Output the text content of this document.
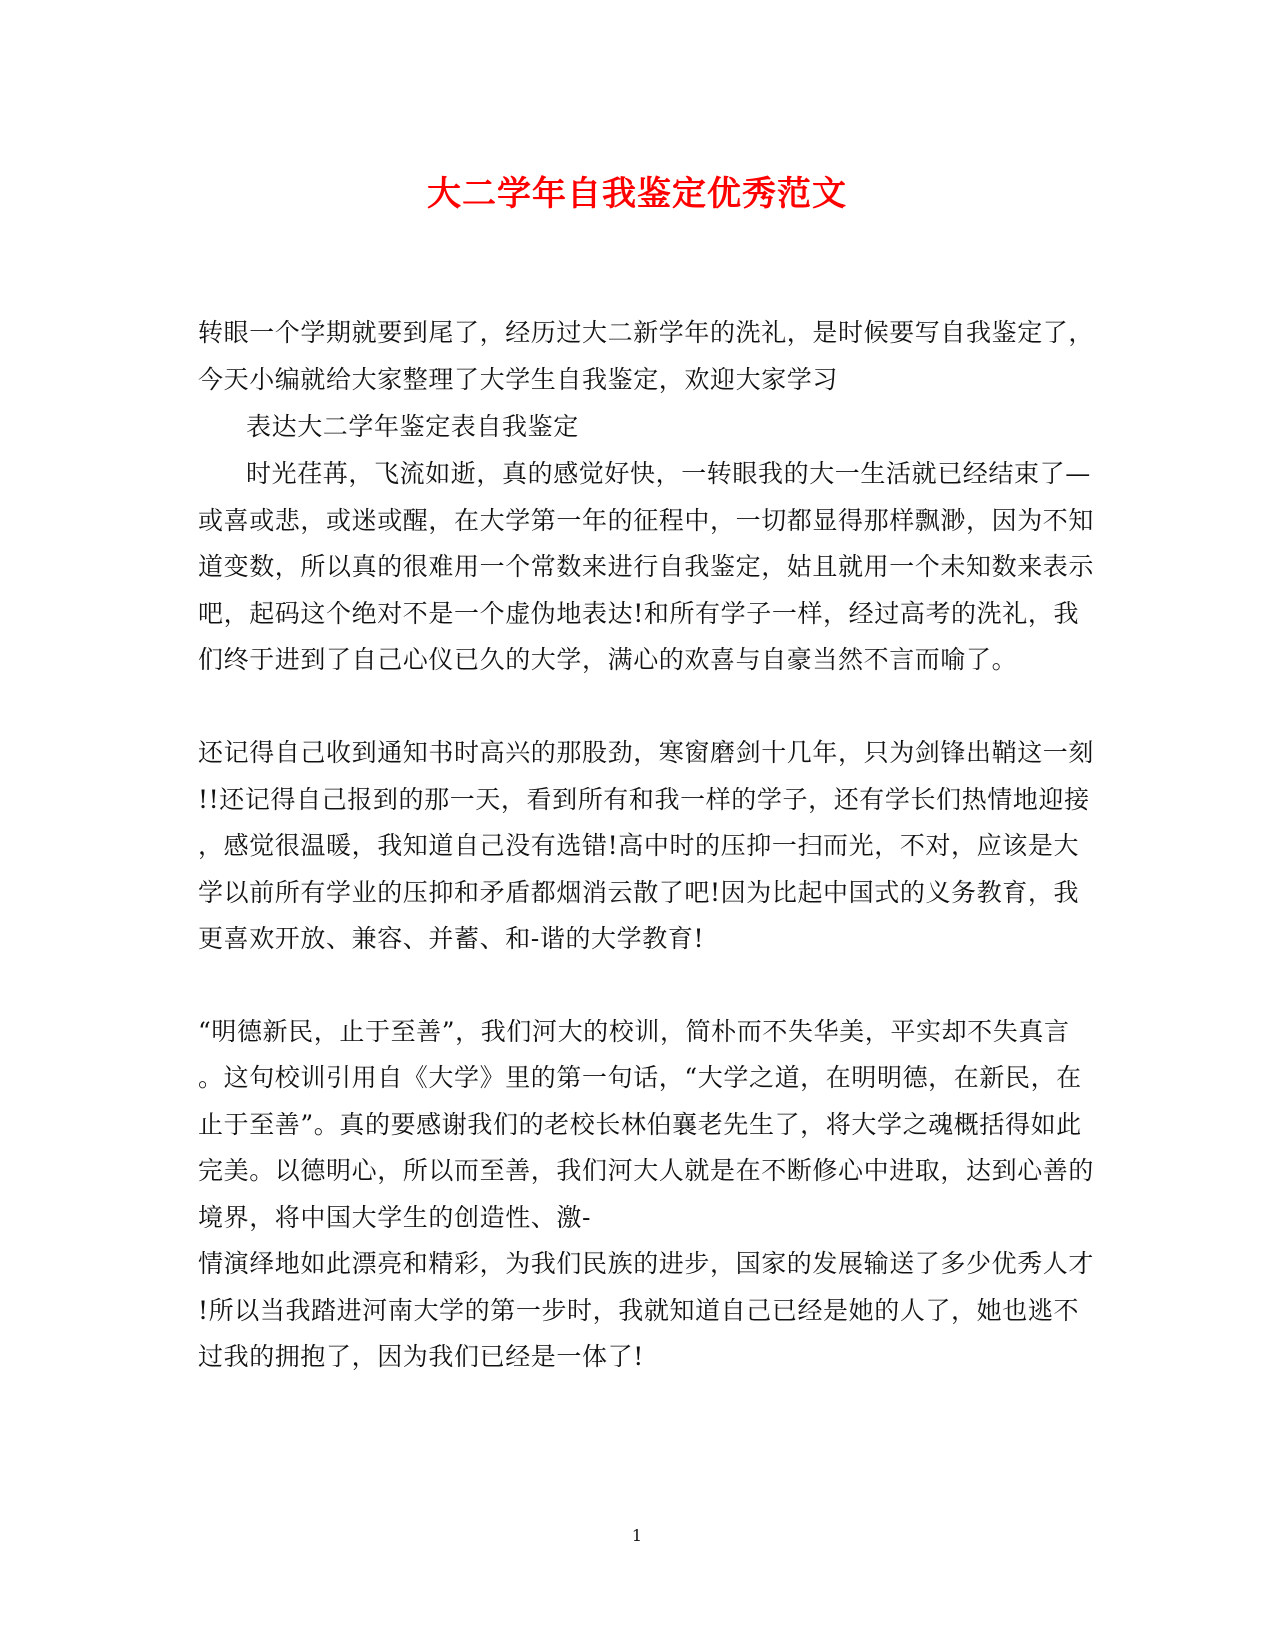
大二学年自我鉴定优秀范文
转眼一个学期就要到尾了，经历过大二新学年的洗礼，是时候要写自我鉴定了，
今天小编就给大家整理了大学生自我鉴定，欢迎大家学习
表达大二学年鉴定表自我鉴定
时光荏苒，飞流如逝，真的感觉好快，一转眼我的大一生活就已经结束了—
或喜或悲，或迷或醒，在大学第一年的征程中，一切都显得那样飘渺，因为不知
道变数，所以真的很难用一个常数来进行自我鉴定，姑且就用一个未知数来表示
吧，起码这个绝对不是一个虚伪地表达!和所有学子一样，经过高考的洗礼，我
们终于进到了自己心仪已久的大学，满心的欢喜与自豪当然不言而喻了。
还记得自己收到通知书时高兴的那股劲，寒窗磨剑十几年，只为剑锋出鞘这一刻
!!还记得自己报到的那一天，看到所有和我一样的学子，还有学长们热情地迎接
，感觉很温暖，我知道自己没有选错!高中时的压抑一扫而光，不对，应该是大
学以前所有学业的压抑和矛盾都烟消云散了吧!因为比起中国式的义务教育，我
更喜欢开放、兼容、并蓄、和-谐的大学教育!
“明德新民，止于至善”，我们河大的校训，简朴而不失华美，平实却不失真言
。这句校训引用自《大学》里的第一句话，“大学之道，在明明德，在新民，在
止于至善”。真的要感谢我们的老校长林伯襄老先生了，将大学之魂概括得如此
完美。以德明心，所以而至善，我们河大人就是在不断修心中进取，达到心善的
境界，将中国大学生的创造性、激-
情演绎地如此漂亮和精彩，为我们民族的进步，国家的发展输送了多少优秀人才
!所以当我踏进河南大学的第一步时，我就知道自己已经是她的人了，她也逃不
过我的拥抱了，因为我们已经是一体了!
1
